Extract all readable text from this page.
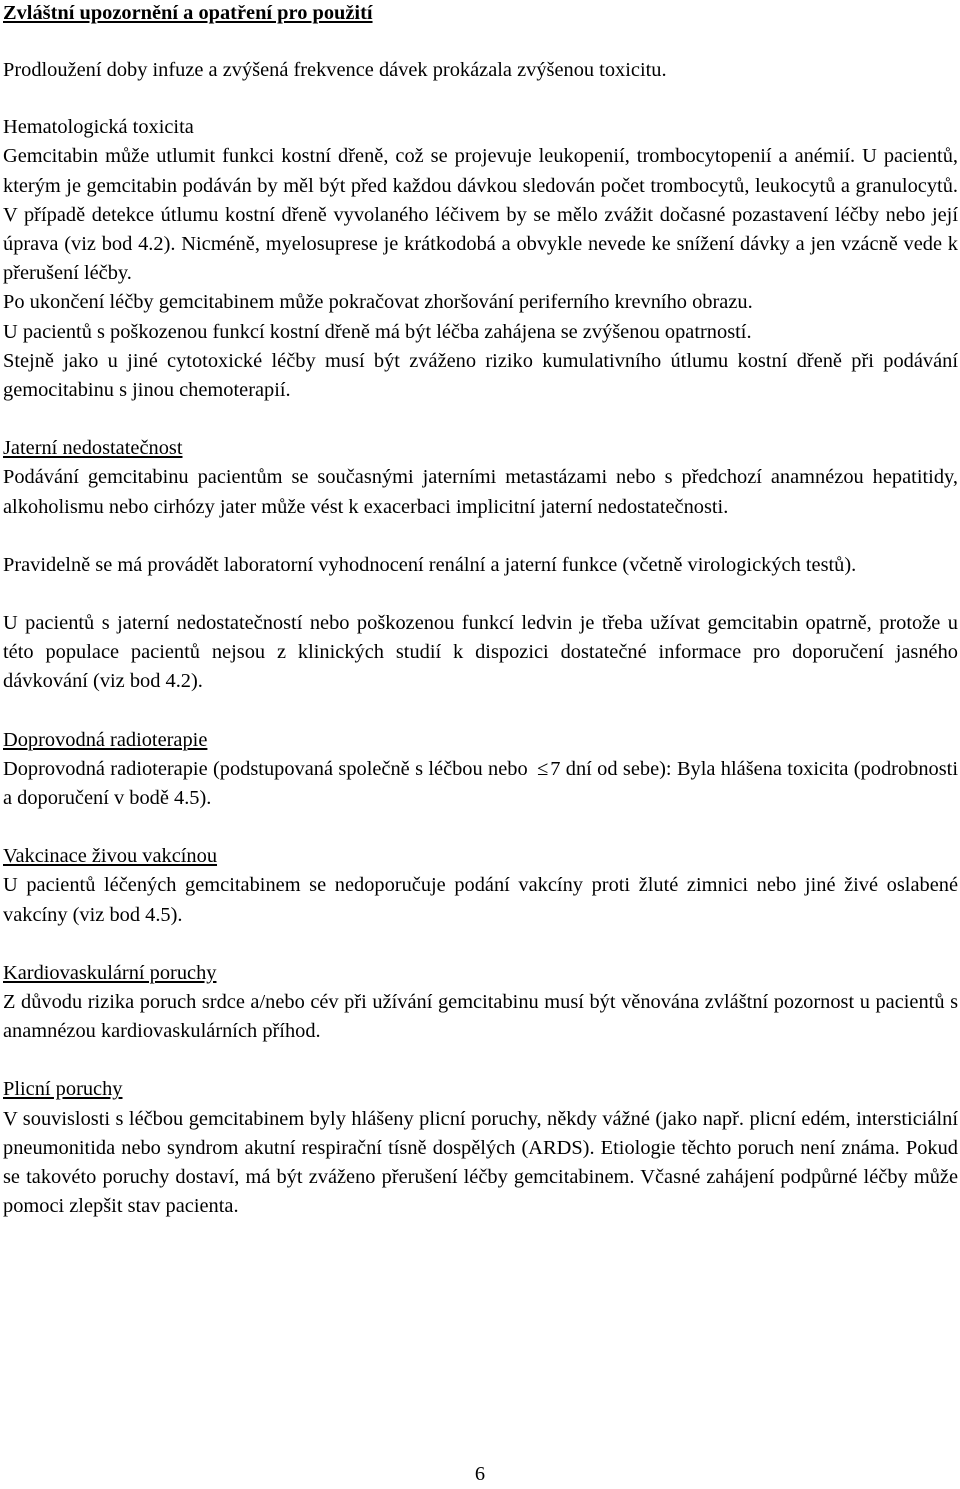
Zvláštní upozornění a opatření pro použití

Prodloužení doby infuze a zvýšená frekvence dávek prokázala zvýšenou toxicitu.

Hematologická toxicita

Gemcitabin může utlumit funkci kostní dřeně, což se projevuje leukopenií, trombocytopenií a anémií. U pacientů, kterým je gemcitabin podáván by měl být před každou dávkou sledován počet trombocytů, leukocytů a granulocytů. V případě detekce útlumu kostní dřeně vyvolaného léčivem by se mělo zvážit dočasné pozastavení léčby nebo její úprava (viz bod 4.2). Nicméně, myelosuprese je krátkodobá a obvykle nevede ke snížení dávky a jen vzácně vede k přerušení léčby.

Po ukončení léčby gemcitabinem může pokračovat zhoršování periferního krevního obrazu.

U pacientů s poškozenou funkcí kostní dřeně má být léčba zahájena se zvýšenou opatrností.

Stejně jako u jiné cytotoxické léčby musí být zváženo riziko kumulativního útlumu kostní dřeně při podávání gemocitabinu s jinou chemoterapií.

Jaterní nedostatečnost

Podávání gemcitabinu pacientům se současnými jaterními metastázami nebo s předchozí anamnézou hepatitidy, alkoholismu nebo cirhózy jater může vést k exacerbaci implicitní jaterní nedostatečnosti.

Pravidelně se má provádět laboratorní vyhodnocení renální a jaterní funkce (včetně virologických testů).

U pacientů s jaterní nedostatečností nebo poškozenou funkcí ledvin je třeba užívat gemcitabin opatrně, protože u této populace pacientů nejsou z klinických studií k dispozici dostatečné informace pro doporučení jasného dávkování (viz bod 4.2).

Doprovodná radioterapie

Doprovodná radioterapie (podstupovaná společně s léčbou nebo ≤7 dní od sebe): Byla hlášena toxicita (podrobnosti a doporučení v bodě 4.5).

Vakcinace živou vakcínou

U pacientů léčených gemcitabinem se nedoporučuje podání vakcíny proti žluté zimnici nebo jiné živé oslabené vakcíny (viz bod 4.5).

Kardiovaskulární poruchy

Z důvodu rizika poruch srdce a/nebo cév při užívání gemcitabinu musí být věnována zvláštní pozornost u pacientů s anamnézou kardiovaskulárních příhod.

Plicní poruchy

V souvislosti s léčbou gemcitabinem byly hlášeny plicní poruchy, někdy vážné (jako např. plicní edém, intersticiální pneumonitida nebo syndrom akutní respirační tísně dospělých (ARDS). Etiologie těchto poruch není známa. Pokud se takovéto poruchy dostaví, má být zváženo přerušení léčby gemcitabinem. Včasné zahájení podpůrné léčby může pomoci zlepšit stav pacienta.

6
